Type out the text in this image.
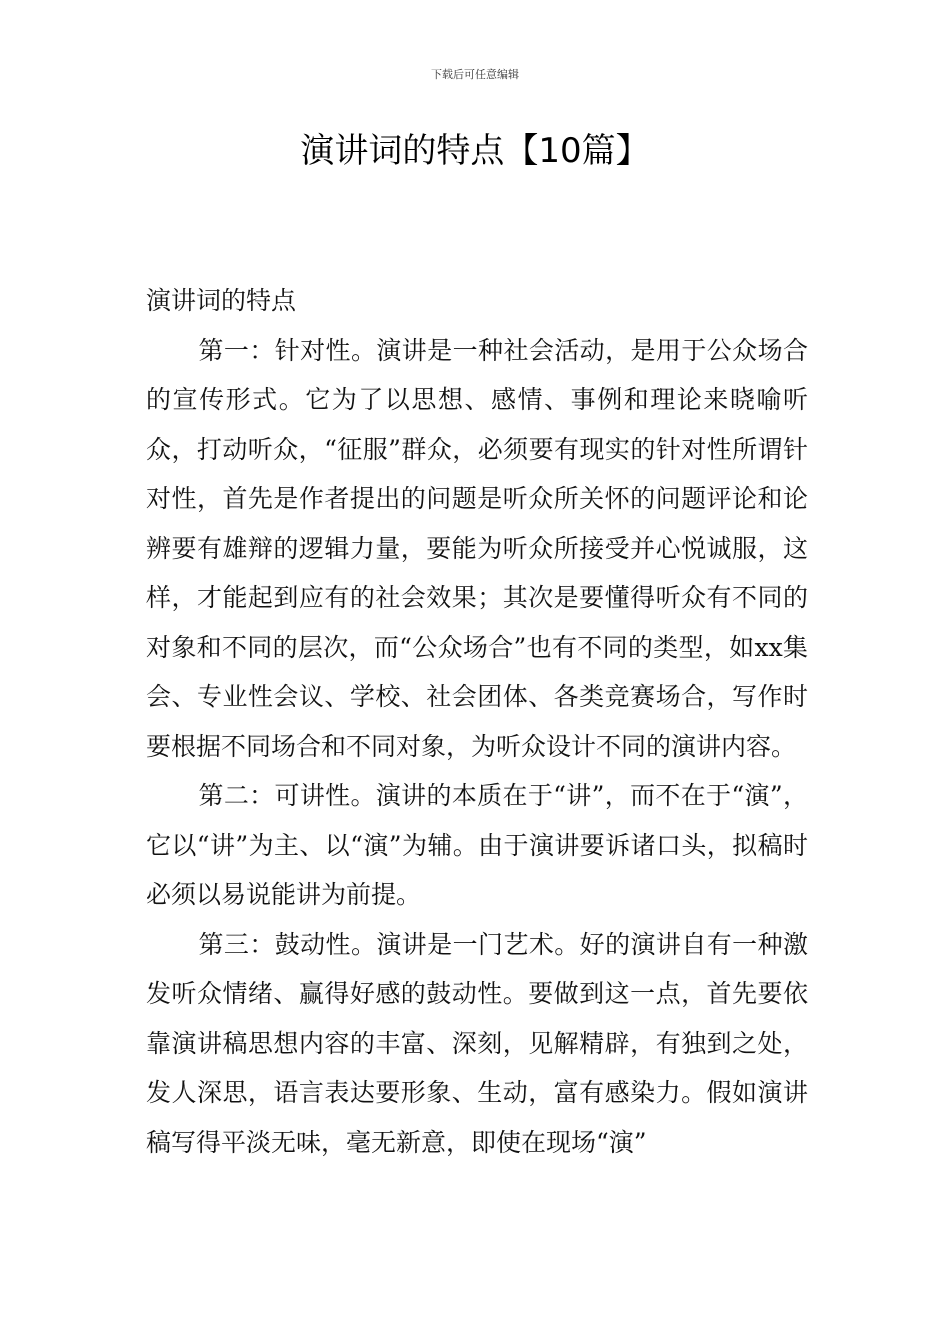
下载后可任意编辑
演讲词的特点【10篇】

演讲词的特点

第一：针对性。演讲是一种社会活动，是用于公众场合的宣传形式。它为了以思想、感情、事例和理论来晓喻听众，打动听众，“征服”群众，必须要有现实的针对性所谓针对性，首先是作者提出的问题是听众所关怀的问题评论和论辨要有雄辩的逻辑力量，要能为听众所接受并心悦诚服，这样，才能起到应有的社会效果；其次是要懂得听众有不同的对象和不同的层次，而“公众场合”也有不同的类型，如xx集会、专业性会议、学校、社会团体、各类竞赛场合，写作时要根据不同场合和不同对象，为听众设计不同的演讲内容。

第二：可讲性。演讲的本质在于“讲”，而不在于“演”，它以“讲”为主、以“演”为辅。由于演讲要诉诸口头，拟稿时必须以易说能讲为前提。

第三：鼓动性。演讲是一门艺术。好的演讲自有一种激发听众情绪、赢得好感的鼓动性。要做到这一点，首先要依靠演讲稿思想内容的丰富、深刻，见解精辟，有独到之处，发人深思，语言表达要形象、生动，富有感染力。假如演讲稿写得平淡无味，毫无新意，即使在现场“演”
